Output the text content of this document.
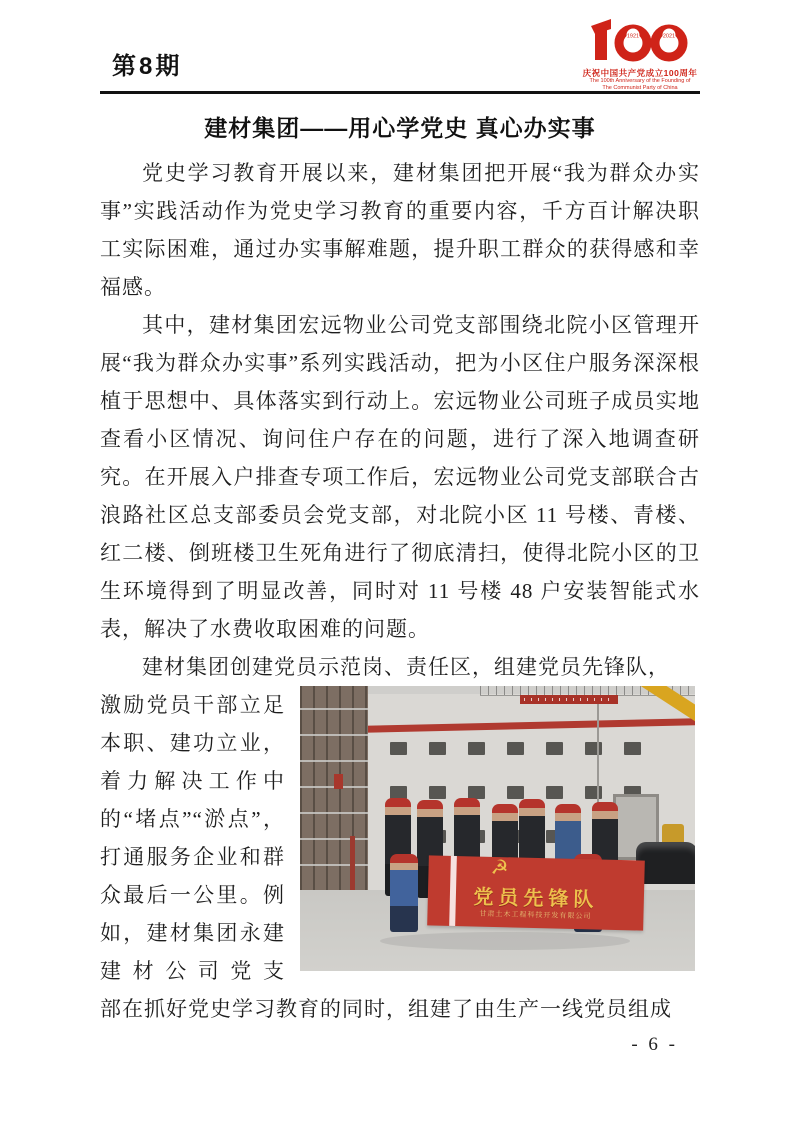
第8期
1921	2021
庆祝中国共产党成立100周年
The 100th Anniversary of the Founding of
The Communist Party of China
建材集团——用心学党史 真心办实事

党史学习教育开展以来，建材集团把开展“我为群众办实事”实践活动作为党史学习教育的重要内容，千方百计解决职工实际困难，通过办实事解难题，提升职工群众的获得感和幸福感。

其中，建材集团宏远物业公司党支部围绕北院小区管理开展“我为群众办实事”系列实践活动，把为小区住户服务深深根植于思想中、具体落实到行动上。宏远物业公司班子成员实地查看小区情况、询问住户存在的问题，进行了深入地调查研究。在开展入户排查专项工作后，宏远物业公司党支部联合古浪路社区总支部委员会党支部，对北院小区 11 号楼、青楼、红二楼、倒班楼卫生死角进行了彻底清扫，使得北院小区的卫生环境得到了明显改善，同时对 11 号楼 48 户安装智能式水表，解决了水费收取困难的问题。

建材集团创建党员示范岗、责任区，组建党员先锋队，

激励党员干部立足本职、建功立业，着力解决工作中的“堵点”“淤点”，打通服务企业和群众最后一公里。例如，建材集团永建建材公司党支
☭
党员先锋队
甘肃土木工程科技开发有限公司

部在抓好党史学习教育的同时，组建了由生产一线党员组成

- 6 -
